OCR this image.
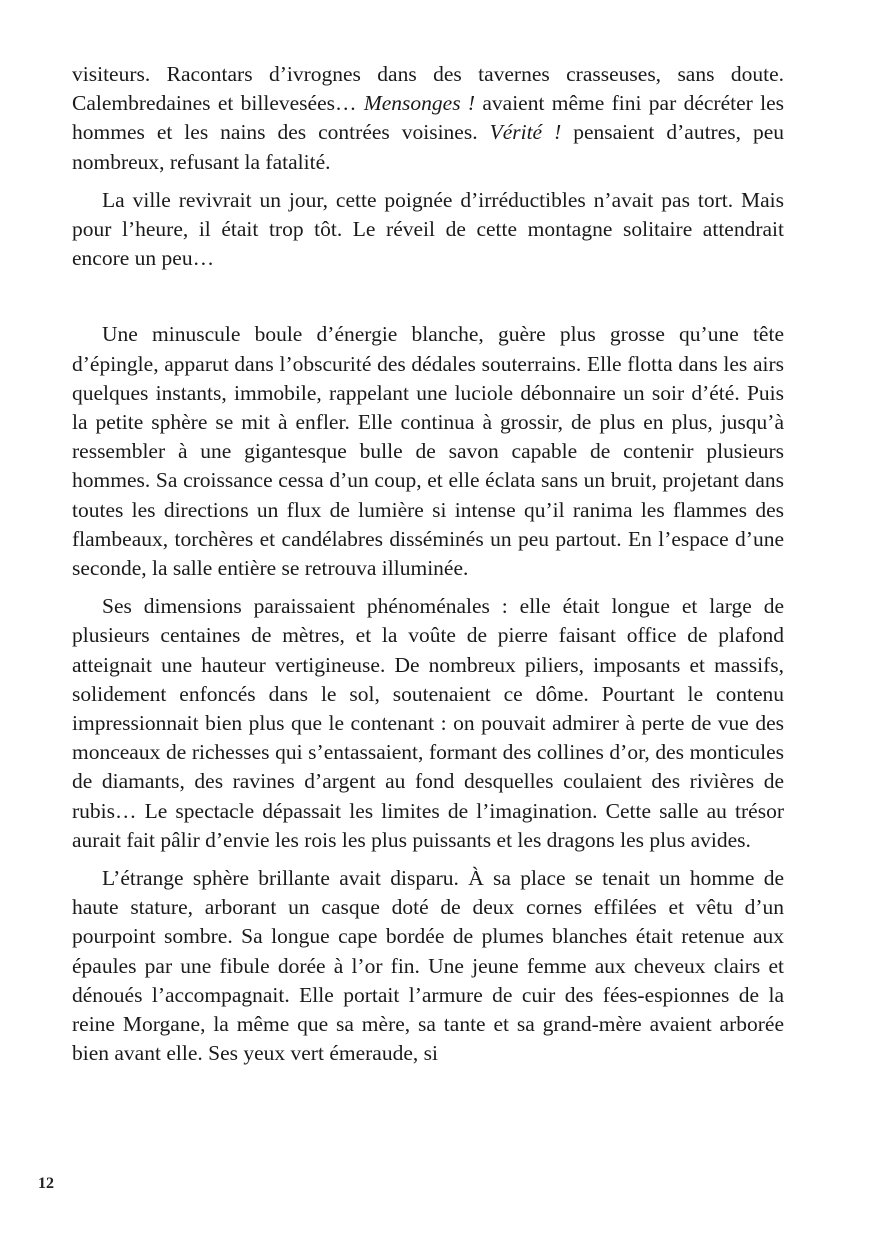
visiteurs. Racontars d’ivrognes dans des tavernes crasseuses, sans doute. Calembredaines et billevesées… Mensonges ! avaient même fini par décréter les hommes et les nains des contrées voisines. Vérité ! pensaient d’autres, peu nombreux, refusant la fatalité.

La ville revivrait un jour, cette poignée d’irréductibles n’avait pas tort. Mais pour l’heure, il était trop tôt. Le réveil de cette montagne solitaire attendrait encore un peu…

Une minuscule boule d’énergie blanche, guère plus grosse qu’une tête d’épingle, apparut dans l’obscurité des dédales souterrains. Elle flotta dans les airs quelques instants, immobile, rappelant une luciole débonnaire un soir d’été. Puis la petite sphère se mit à enfler. Elle continua à grossir, de plus en plus, jusqu’à ressembler à une gigantesque bulle de savon capable de contenir plusieurs hommes. Sa croissance cessa d’un coup, et elle éclata sans un bruit, projetant dans toutes les directions un flux de lumière si intense qu’il ranima les flammes des flambeaux, torchères et candélabres disséminés un peu partout. En l’espace d’une seconde, la salle entière se retrouva illuminée.

Ses dimensions paraissaient phénoménales : elle était longue et large de plusieurs centaines de mètres, et la voûte de pierre faisant office de plafond atteignait une hauteur vertigineuse. De nombreux piliers, imposants et massifs, solidement enfoncés dans le sol, soutenaient ce dôme. Pourtant le contenu impressionnait bien plus que le contenant : on pouvait admirer à perte de vue des monceaux de richesses qui s’entassaient, formant des collines d’or, des monticules de diamants, des ravines d’argent au fond desquelles coulaient des rivières de rubis… Le spectacle dépassait les limites de l’imagination. Cette salle au trésor aurait fait pâlir d’envie les rois les plus puissants et les dragons les plus avides.

L’étrange sphère brillante avait disparu. À sa place se tenait un homme de haute stature, arborant un casque doté de deux cornes effilées et vêtu d’un pourpoint sombre. Sa longue cape bordée de plumes blanches était retenue aux épaules par une fibule dorée à l’or fin. Une jeune femme aux cheveux clairs et dénoués l’accompagnait. Elle portait l’armure de cuir des fées-espionnes de la reine Morgane, la même que sa mère, sa tante et sa grand-mère avaient arborée bien avant elle. Ses yeux vert émeraude, si

12
